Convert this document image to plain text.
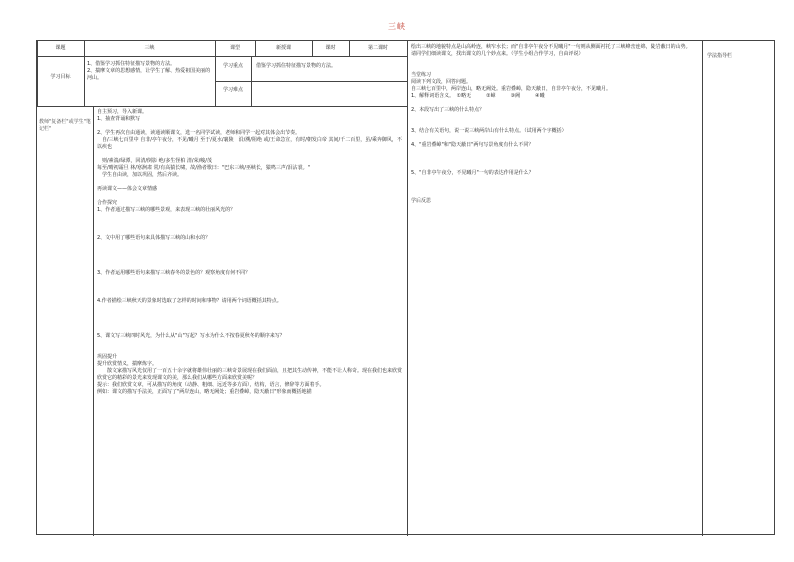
三峡
课题	三峡	课型	新授课	课时	第二课时
学习目标
1、借鉴学习抓住特征描写景物的方法。
2、揣摩文章的思想感情，让学生了解、热爱祖国美丽的河山。
学习重点	借鉴学习抓住特征描写景物的方法。
学习难点
教师"复备栏"或学生"笔记栏"
自主预习，导入新课。
1、抽查背诵和默写
2、学生再次自由通读，读通读顺课文，选一名同学试读，老师和同学一起对其体会出节奏。
　自/三峡七百里中 自非/亭午夜分，不见/曦月 至于/夏水/襄陵　沿/溯/阻绝 或/王命急宣，有时/朝发白帝 其间/千二百里，虽/乘奔御风，不以疾也
　则/素湍/绿潭，回清/倒影 绝/多生怪柏 清/荣/峻/茂
每至/晴初霜旦 林/寒涧肃 常/有高猿长啸，故/渔者歌曰："巴东三峡/巫峡长，猿鸣三声/泪沾裳。"
　学生自由读，加以巩固，然后齐读。
再读课文——体会文章情感
合作探究
1、作者通过描写三峡的哪些景观，来表现三峡的壮丽风光的？
2、文中用了哪些语句来具体描写三峡的山和水的？
3、作者运用哪些语句来描写三峡春冬的景色的？观察角度有何不同？
4.作者描绘三峡秋天的景象时选取了怎样的时间和事物？请用两个词语概括其特点。
5、课文写三峡四时风光，为什么从"山"写起？写水为什么不按春夏秋冬的顺序来写？
巩固提升
提升欣赏情义，揣摩炼字。
　　散文家描写风光仅用了一百五十余字就将雄伟壮丽的三峡奇景展现在我们面前，且把其生动传神，不能不让人称奇。现在我们也来欣赏欣赏它的精彩的景光来发现课文的美，那么我们从哪些方面来欣赏美呢？
提示：我们欣赏文章，可从描写的角度（动静、粗细、远近等多方面），结构，语言，修辞等方面着手。
例如：课文的描写手法美，正面写了"两岸连山，略无阙处；重岩叠嶂，隐天蔽日"形象而概括地描
绘出三峡的地貌特点是山高岭连，峡窄水长；而"自非亭午夜分不见曦月"一句则从侧面衬托了三峡峰峦连绵，陡岩蔽日的山势。
请同学们细读课文，找出课文的几个妙点来。（学生小组合作学习，自由评说）
当堂练习
阅读下列文段，回答问题。
自三峡七百里中，两岸连山，略无阙处。重岩叠嶂，隐天蔽日，自非亭午夜分，不见曦月。
1、解释词语含义。　①略无　　　②嶂　　　③阙　　　④曦
2、本段写出了三峡的什么特点？
3、结合有关语句，说一说三峡两岸山有什么特点。（试用两个字概括）
4、"重岩叠嶂"和"隐天蔽日"两句写景角度有什么不同？
5、"自非亭午夜分，不见曦月"一句的表达作用是什么？
学后反思
学法指导栏
